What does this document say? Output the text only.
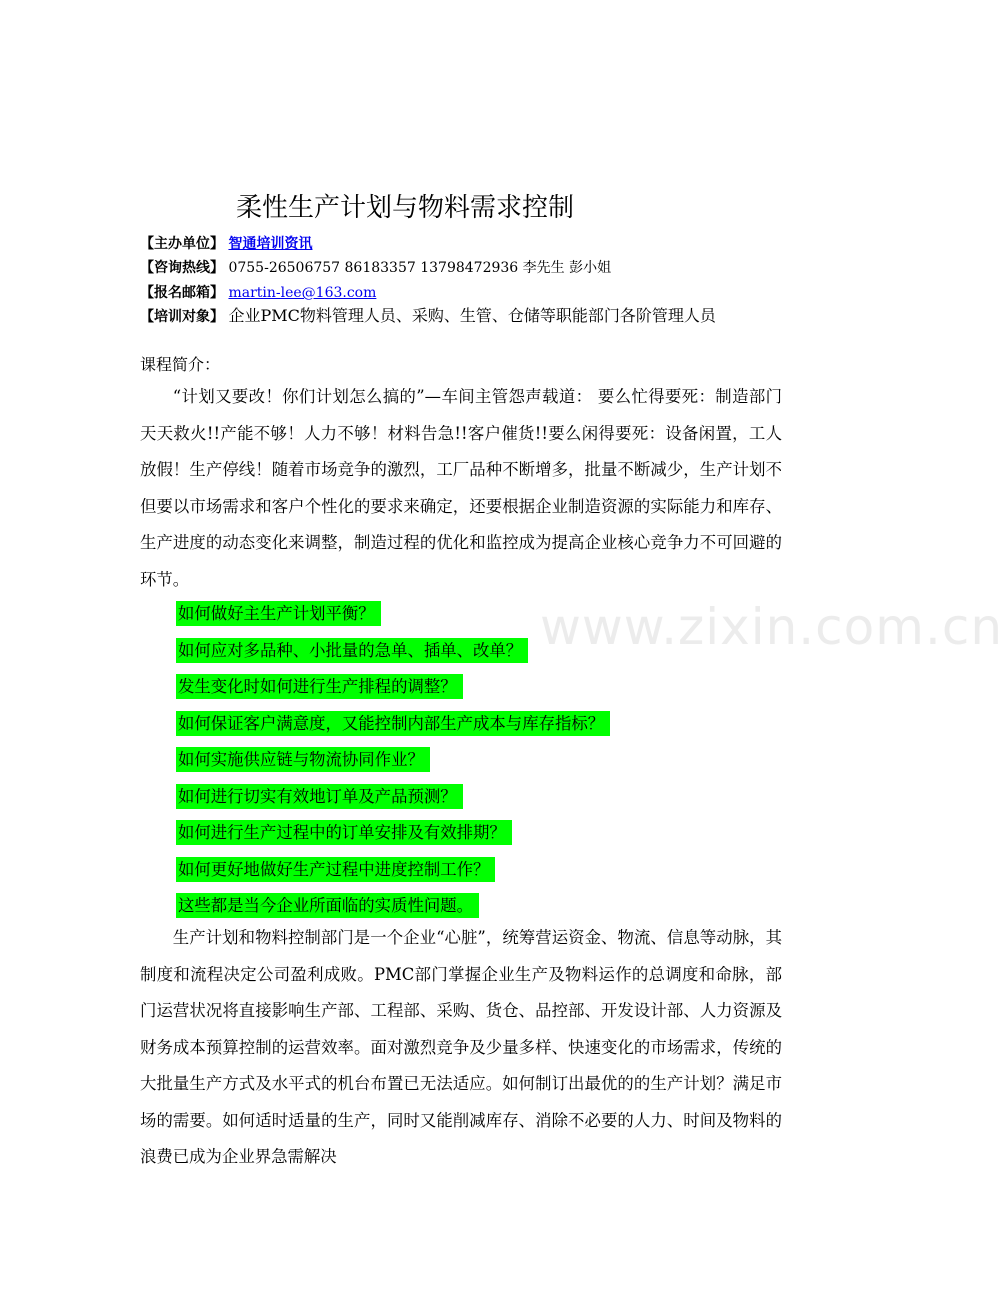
www.zixin.com.cn
柔性生产计划与物料需求控制
【主办单位】 智通培训资讯
【咨询热线】 0755-26506757 86183357 13798472936 李先生 彭小姐
【报名邮箱】 martin-lee@163.com
【培训对象】 企业PMC物料管理人员、采购、生管、仓储等职能部门各阶管理人员
课程简介：
“计划又要改！你们计划怎么搞的”—车间主管怨声载道： 要么忙得要死：制造部门天天救火!!产能不够！人力不够！材料告急!!客户催货!!要么闲得要死：设备闲置，工人放假！生产停线！随着市场竞争的激烈，工厂品种不断增多，批量不断减少，生产计划不但要以市场需求和客户个性化的要求来确定，还要根据企业制造资源的实际能力和库存、生产进度的动态变化来调整，制造过程的优化和监控成为提高企业核心竞争力不可回避的环节。
如何做好主生产计划平衡？
如何应对多品种、小批量的急单、插单、改单？
发生变化时如何进行生产排程的调整？
如何保证客户满意度，又能控制内部生产成本与库存指标？
如何实施供应链与物流协同作业？
如何进行切实有效地订单及产品预测？
如何进行生产过程中的订单安排及有效排期？
如何更好地做好生产过程中进度控制工作？
这些都是当今企业所面临的实质性问题。
生产计划和物料控制部门是一个企业“心脏”，统筹营运资金、物流、信息等动脉，其制度和流程决定公司盈利成败。PMC部门掌握企业生产及物料运作的总调度和命脉，部门运营状况将直接影响生产部、工程部、采购、货仓、品控部、开发设计部、人力资源及财务成本预算控制的运营效率。面对激烈竞争及少量多样、快速变化的市场需求，传统的大批量生产方式及水平式的机台布置已无法适应。如何制订出最优的的生产计划？满足市场的需要。如何适时适量的生产，同时又能削减库存、消除不必要的人力、时间及物料的浪费已成为企业界急需解决
